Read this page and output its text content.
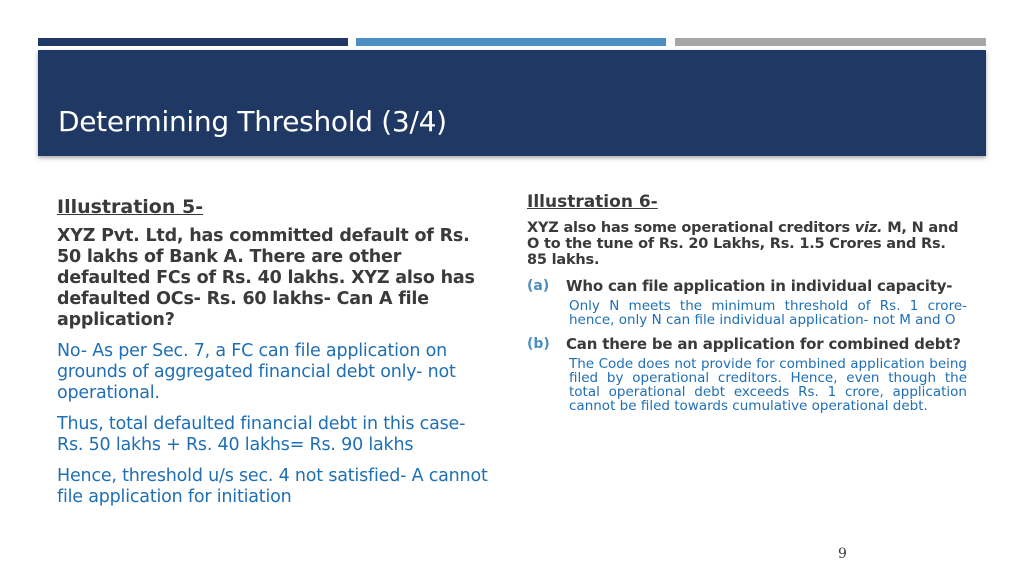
Determining Threshold (3/4)

Illustration 5-

XYZ Pvt. Ltd, has committed default of Rs. 50 lakhs of Bank A. There are other defaulted FCs of Rs. 40 lakhs. XYZ also has defaulted OCs- Rs. 60 lakhs- Can A file application?

No- As per Sec. 7, a FC can file application on grounds of aggregated financial debt only- not operational.

Thus, total defaulted financial debt in this case- Rs. 50 lakhs + Rs. 40 lakhs= Rs. 90 lakhs

Hence, threshold u/s sec. 4 not satisfied- A cannot file application for initiation

Illustration 6-

XYZ also has some operational creditors viz. M, N and O to the tune of Rs. 20 Lakhs, Rs. 1.5 Crores and Rs. 85 lakhs.

(a)	Who can file application in individual capacity-

Only N meets the minimum threshold of Rs. 1 crore- hence, only N can file individual application- not M and O

(b)	Can there be an application for combined debt?

The Code does not provide for combined application being filed by operational creditors. Hence, even though the total operational debt exceeds Rs. 1 crore, application cannot be filed towards cumulative operational debt.

9
